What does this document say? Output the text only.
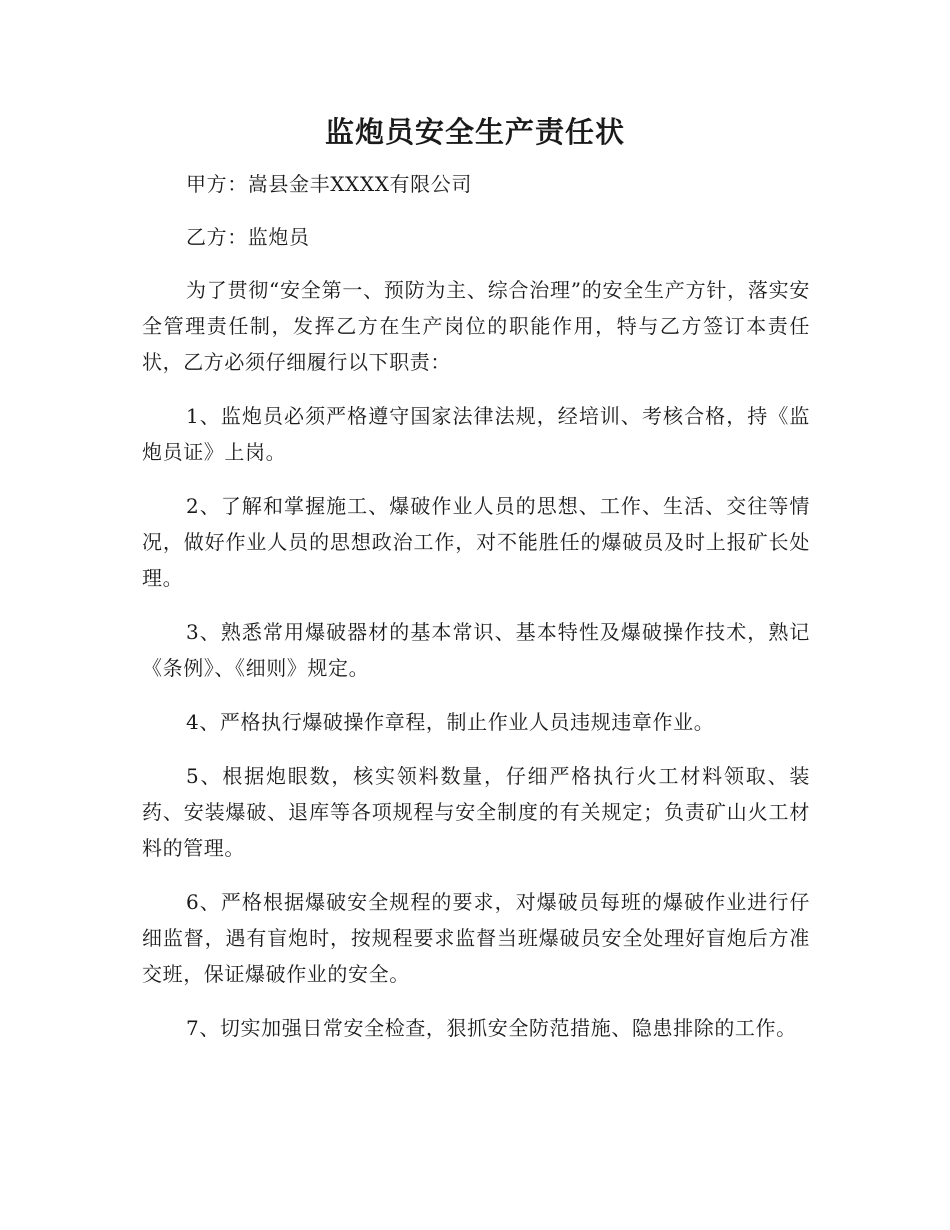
监炮员安全生产责任状

甲方：嵩县金丰XXXX有限公司

乙方：监炮员

为了贯彻“安全第一、预防为主、综合治理”的安全生产方针，落实安全管理责任制，发挥乙方在生产岗位的职能作用，特与乙方签订本责任状，乙方必须仔细履行以下职责：

1、监炮员必须严格遵守国家法律法规，经培训、考核合格，持《监炮员证》上岗。

2、了解和掌握施工、爆破作业人员的思想、工作、生活、交往等情况，做好作业人员的思想政治工作，对不能胜任的爆破员及时上报矿长处理。

3、熟悉常用爆破器材的基本常识、基本特性及爆破操作技术，熟记《条例》、《细则》规定。

4、严格执行爆破操作章程，制止作业人员违规违章作业。

5、根据炮眼数，核实领料数量，仔细严格执行火工材料领取、装药、安装爆破、退库等各项规程与安全制度的有关规定；负责矿山火工材料的管理。

6、严格根据爆破安全规程的要求，对爆破员每班的爆破作业进行仔细监督，遇有盲炮时，按规程要求监督当班爆破员安全处理好盲炮后方准交班，保证爆破作业的安全。

7、切实加强日常安全检查，狠抓安全防范措施、隐患排除的工作。
